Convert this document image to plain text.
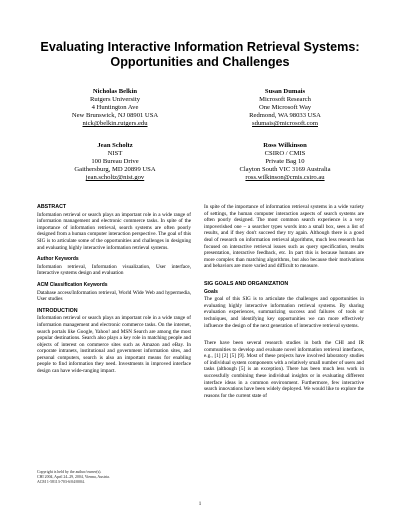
Evaluating Interactive Information Retrieval Systems:
Opportunities and Challenges
Nicholas Belkin
Rutgers University
4 Huntington Ave
New Brunswick, NJ 08901 USA
nick@belkin.rutgers.edu
Susan Dumais
Microsoft Research
One Microsoft Way
Redmond, WA 98033 USA
sdumais@microsoft.com
Jean Scholtz
NIST
100 Bureau Drive
Gaithersburg, MD 20899 USA
jean.scholtz@nist.gov
Ross Wilkinson
CSIRO / CMIS
Private Bag 10
Clayton South VIC 3169 Australia
ross.wilkinson@cmis.csiro.au
ABSTRACT

Information retrieval or search plays an important role in a wide range of information management and electronic commerce tasks. In spite of the importance of information retrieval, search systems are often poorly designed from a human computer interaction perspective. The goal of this SIG is to articulate some of the opportunities and challenges in designing and evaluating highly interactive information retrieval systems.

Author Keywords

Information retrieval, Information visualization, User interface, Interactive systems design and evaluation

ACM Classification Keywords

Database access/Information retrieval, World Wide Web and hypermedia, User studies

INTRODUCTION

Information retrieval or search plays an important role in a wide range of information management and electronic commerce tasks. On the internet, search portals like Google, Yahoo! and MSN Search are among the most popular destinations. Search also plays a key role in matching people and objects of interest on commerce sites such as Amazon and eBay. In corporate intranets, institutional and government information sites, and personal computers, search is also an important means for enabling people to find information they need. Investments in improved interface design can have wide-ranging impact.

Copyright is held by the author/owner(s).
CHI 2004, April 24–29, 2004, Vienna, Austria.
ACM 1-58113-703-6/04/0004.

In spite of the importance of information retrieval systems in a wide variety of settings, the human computer interaction aspects of search systems are often poorly designed. The most common search experience is a very impoverished one – a searcher types words into a small box, sees a list of results, and if they don't succeed they try again. Although there is a good deal of research on information retrieval algorithms, much less research has focused on interactive retrieval issues such as query specification, results presentation, interactive feedback, etc. In part this is because humans are more complex than matching algorithms, but also because their motivations and behaviors are more varied and difficult to measure.

SIG GOALS AND ORGANIZATION
Goals

The goal of this SIG is to articulate the challenges and opportunities in evaluating highly interactive information retrieval systems. By sharing evaluation experiences, summarizing success and failures of tools or techniques, and identifying key opportunities we can more effectively influence the design of the next generation of interactive retrieval systems.

There have been several research studies in both the CHI and IR communities to develop and evaluate novel information retrieval interfaces, e.g., [1] [2] [5] [9]. Most of these projects have involved laboratory studies of individual system components with a relatively small number of users and tasks (although [5] is an exception). There has been much less work in successfully combining these individual insights or in evaluating different interface ideas in a common environment. Furthermore, few interactive search innovations have been widely deployed. We would like to explore the reasons for the current state of

1
